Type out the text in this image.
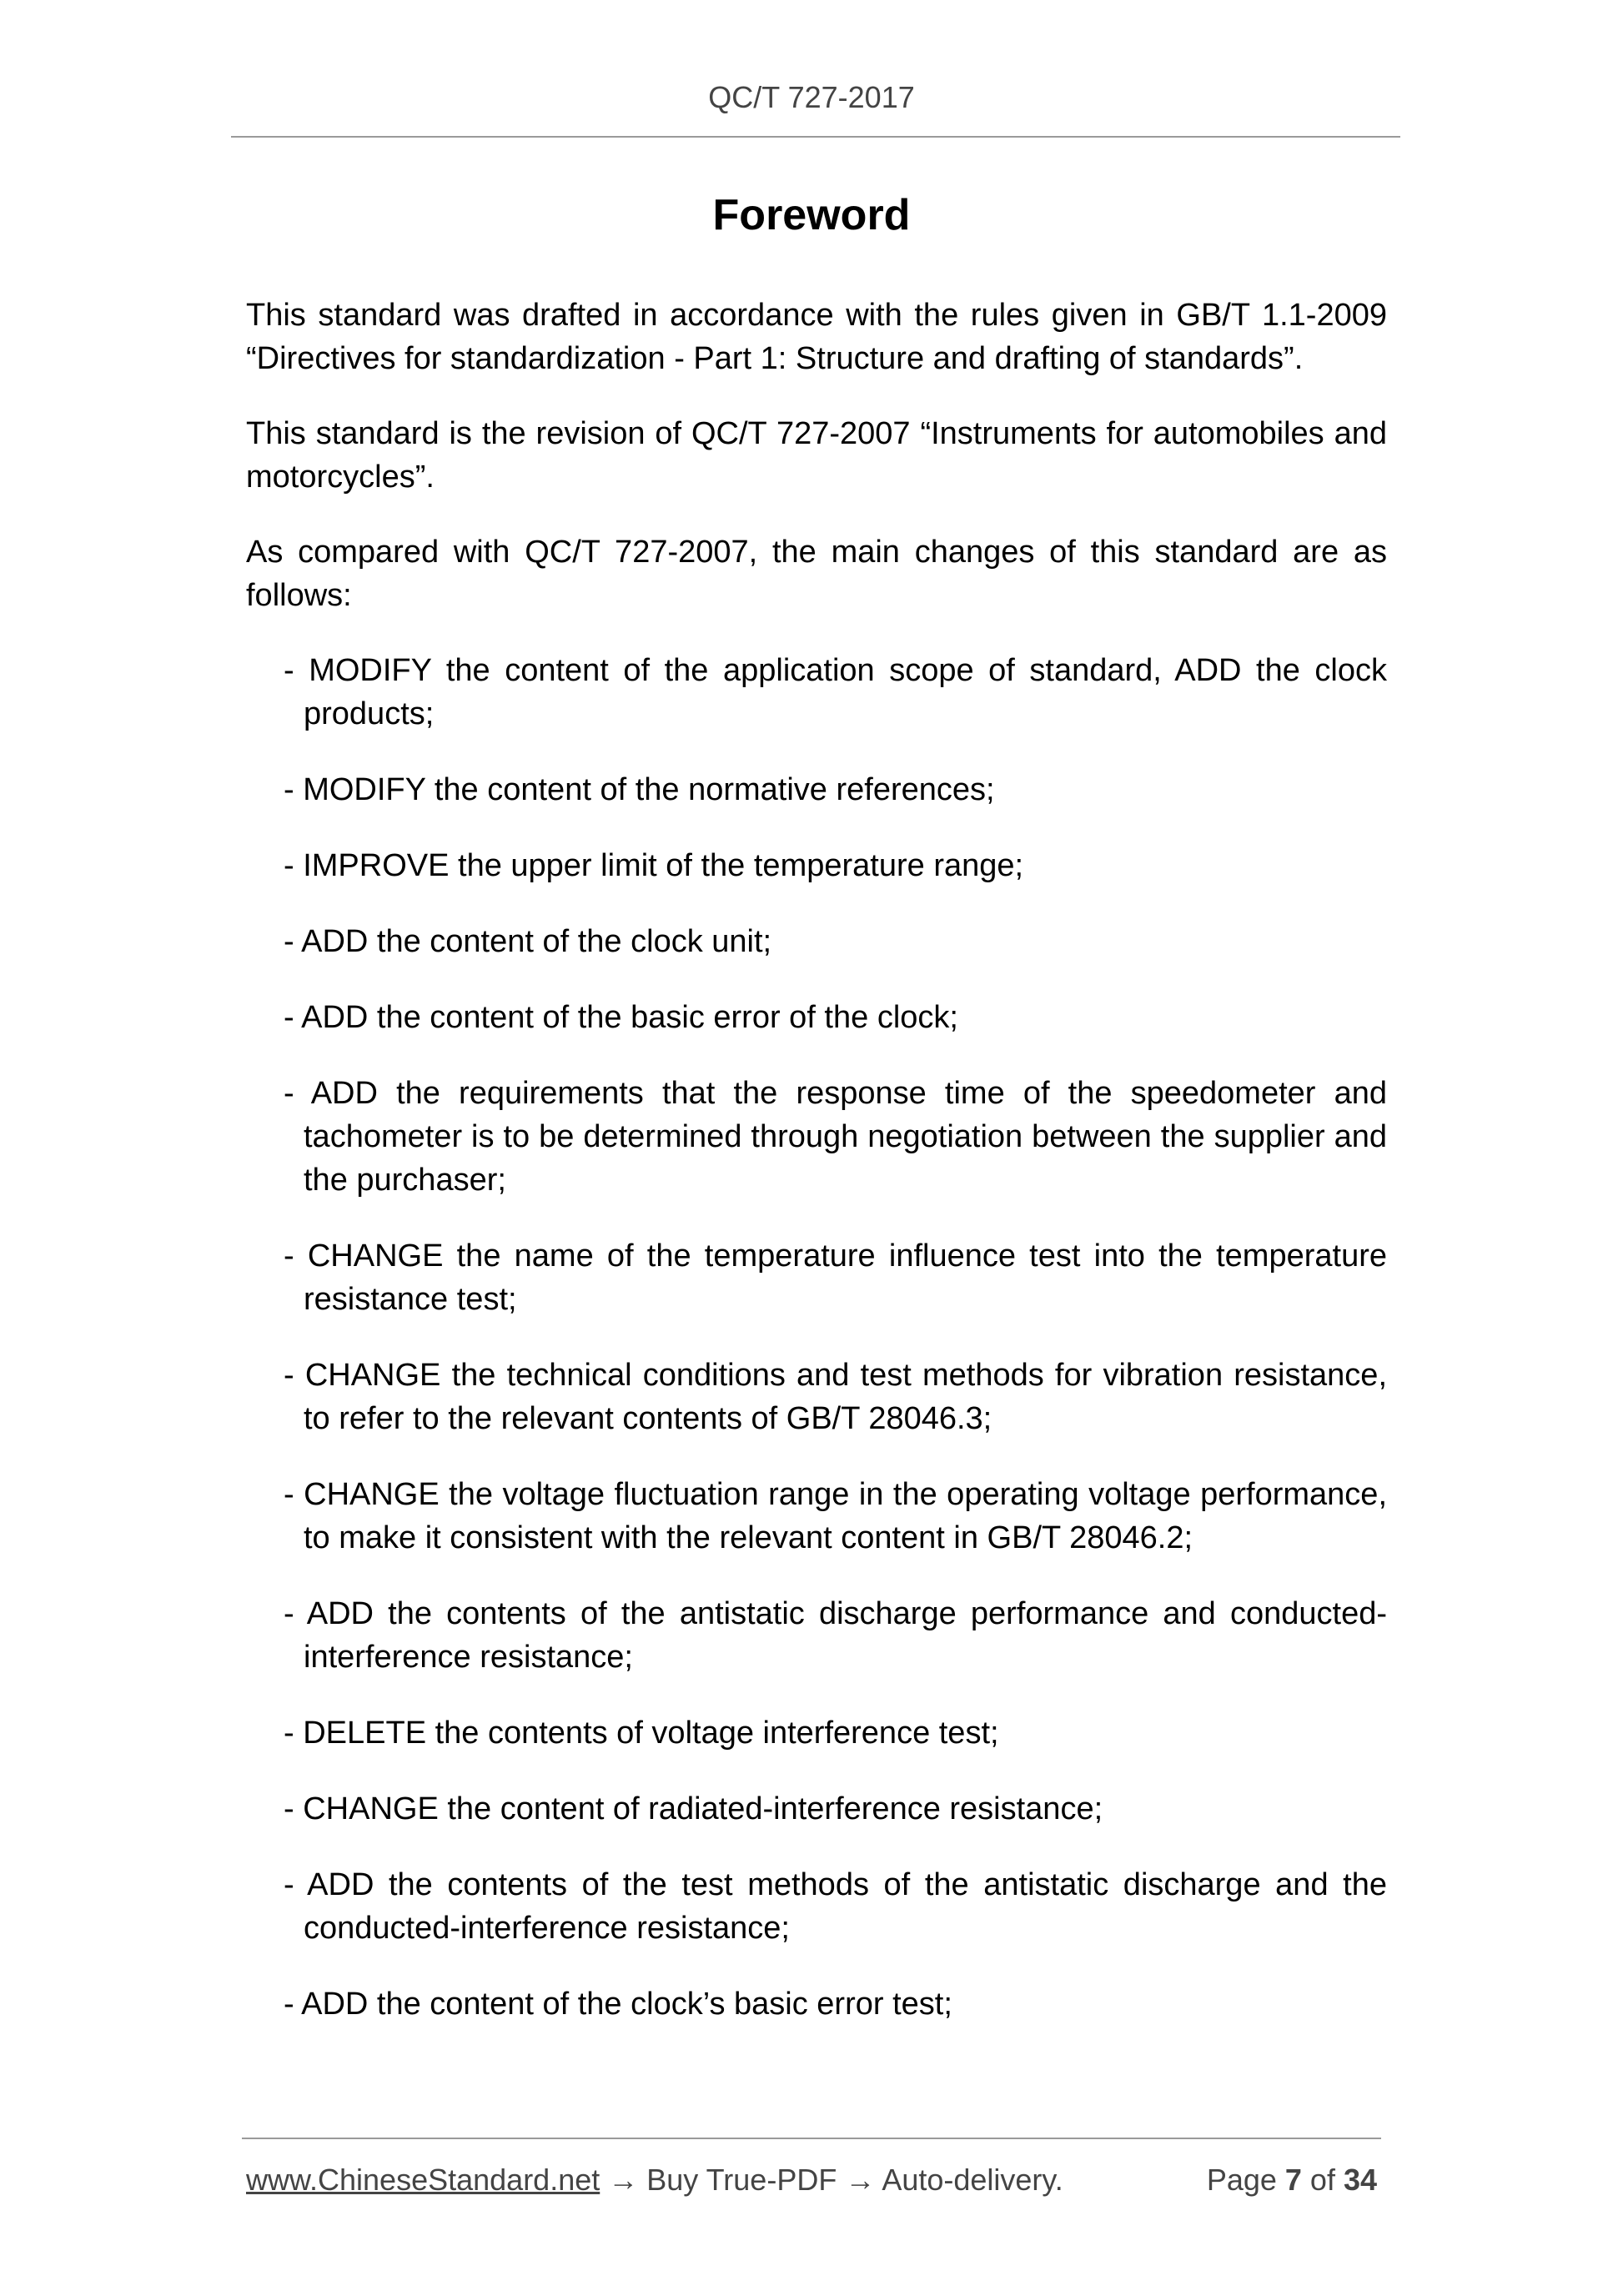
QC/T 727-2017
Foreword

This standard was drafted in accordance with the rules given in GB/T 1.1-2009 “Directives for standardization - Part 1: Structure and drafting of standards”.

This standard is the revision of QC/T 727-2007 “Instruments for automobiles and motorcycles”.

As compared with QC/T 727-2007, the main changes of this standard are as follows:

- MODIFY the content of the application scope of standard, ADD the clock products;
- MODIFY the content of the normative references;
- IMPROVE the upper limit of the temperature range;
- ADD the content of the clock unit;
- ADD the content of the basic error of the clock;
- ADD the requirements that the response time of the speedometer and tachometer is to be determined through negotiation between the supplier and the purchaser;
- CHANGE the name of the temperature influence test into the temperature resistance test;
- CHANGE the technical conditions and test methods for vibration resistance, to refer to the relevant contents of GB/T 28046.3;
- CHANGE the voltage fluctuation range in the operating voltage performance, to make it consistent with the relevant content in GB/T 28046.2;
- ADD the contents of the antistatic discharge performance and conducted-interference resistance;
- DELETE the contents of voltage interference test;
- CHANGE the content of radiated-interference resistance;
- ADD the contents of the test methods of the antistatic discharge and the conducted-interference resistance;
- ADD the content of the clock’s basic error test;
www.ChineseStandard.net → Buy True-PDF → Auto-delivery.	Page 7 of 34
